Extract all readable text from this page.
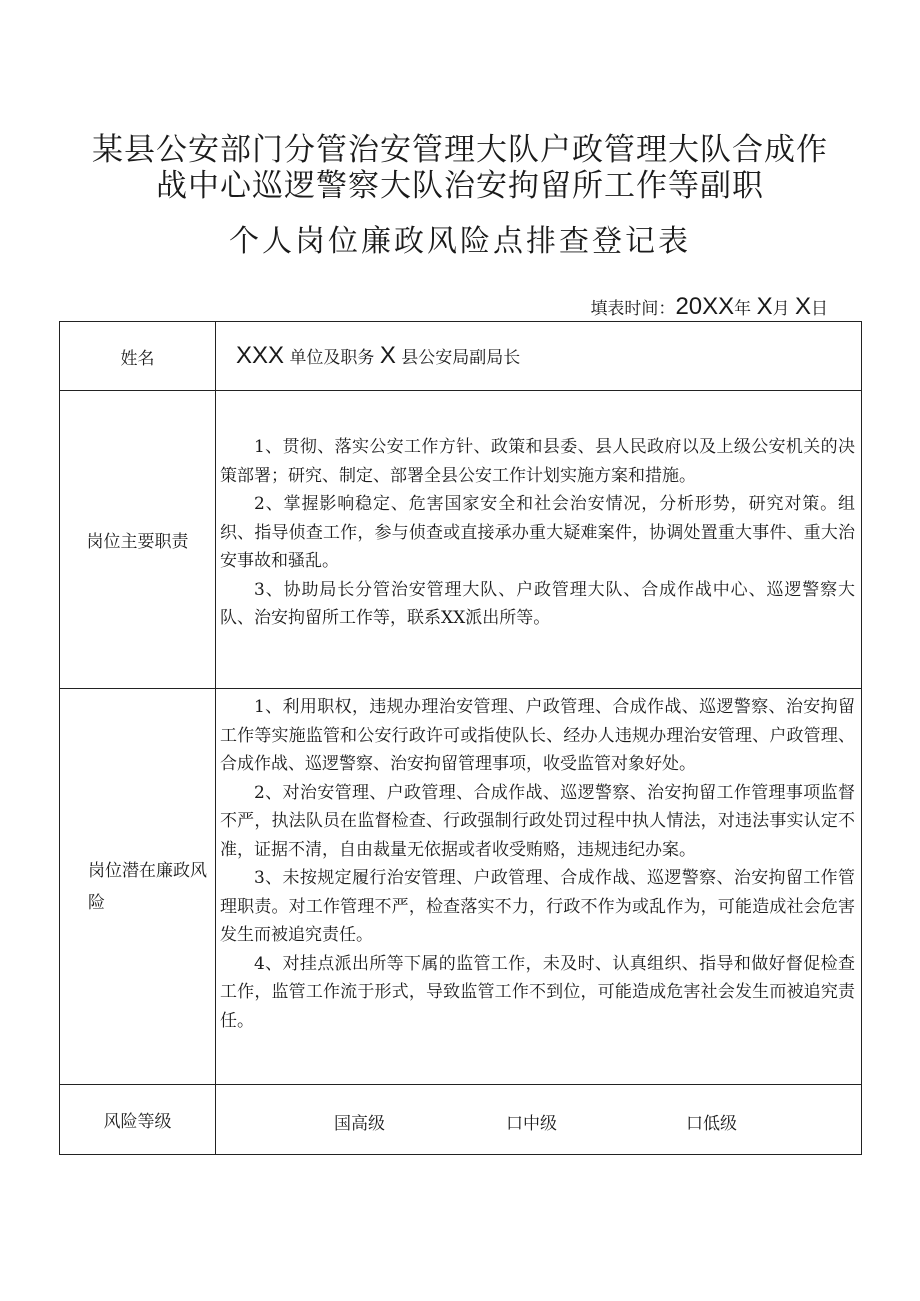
某县公安部门分管治安管理大队户政管理大队合成作
战中心巡逻警察大队治安拘留所工作等副职
个人岗位廉政风险点排查登记表
填表时间：20XX年 X月 X日
姓名	XXX 单位及职务 X 县公安局副局长
岗位主要职责	1、贯彻、落实公安工作方针、政策和县委、县人民政府以及上级公安机关的决策部署；研究、制定、部署全县公安工作计划实施方案和措施。

2、掌握影响稳定、危害国家安全和社会治安情况，分析形势，研究对策。组织、指导侦查工作，参与侦查或直接承办重大疑难案件，协调处置重大事件、重大治安事故和骚乱。

3、协助局长分管治安管理大队、户政管理大队、合成作战中心、巡逻警察大队、治安拘留所工作等，联系XX派出所等。

岗位潜在廉政风险	1、利用职权，违规办理治安管理、户政管理、合成作战、巡逻警察、治安拘留工作等实施监管和公安行政许可或指使队长、经办人违规办理治安管理、户政管理、合成作战、巡逻警察、治安拘留管理事项，收受监管对象好处。

2、对治安管理、户政管理、合成作战、巡逻警察、治安拘留工作管理事项监督不严，执法队员在监督检查、行政强制行政处罚过程中执人情法，对违法事实认定不准，证据不清，自由裁量无依据或者收受贿赂，违规违纪办案。

3、未按规定履行治安管理、户政管理、合成作战、巡逻警察、治安拘留工作管理职责。对工作管理不严，检查落实不力，行政不作为或乱作为，可能造成社会危害发生而被追究责任。

4、对挂点派出所等下属的监管工作，未及时、认真组织、指导和做好督促检查工作，监管工作流于形式，导致监管工作不到位，可能造成危害社会发生而被追究责任。

风险等级	国高级 口中级 口低级
